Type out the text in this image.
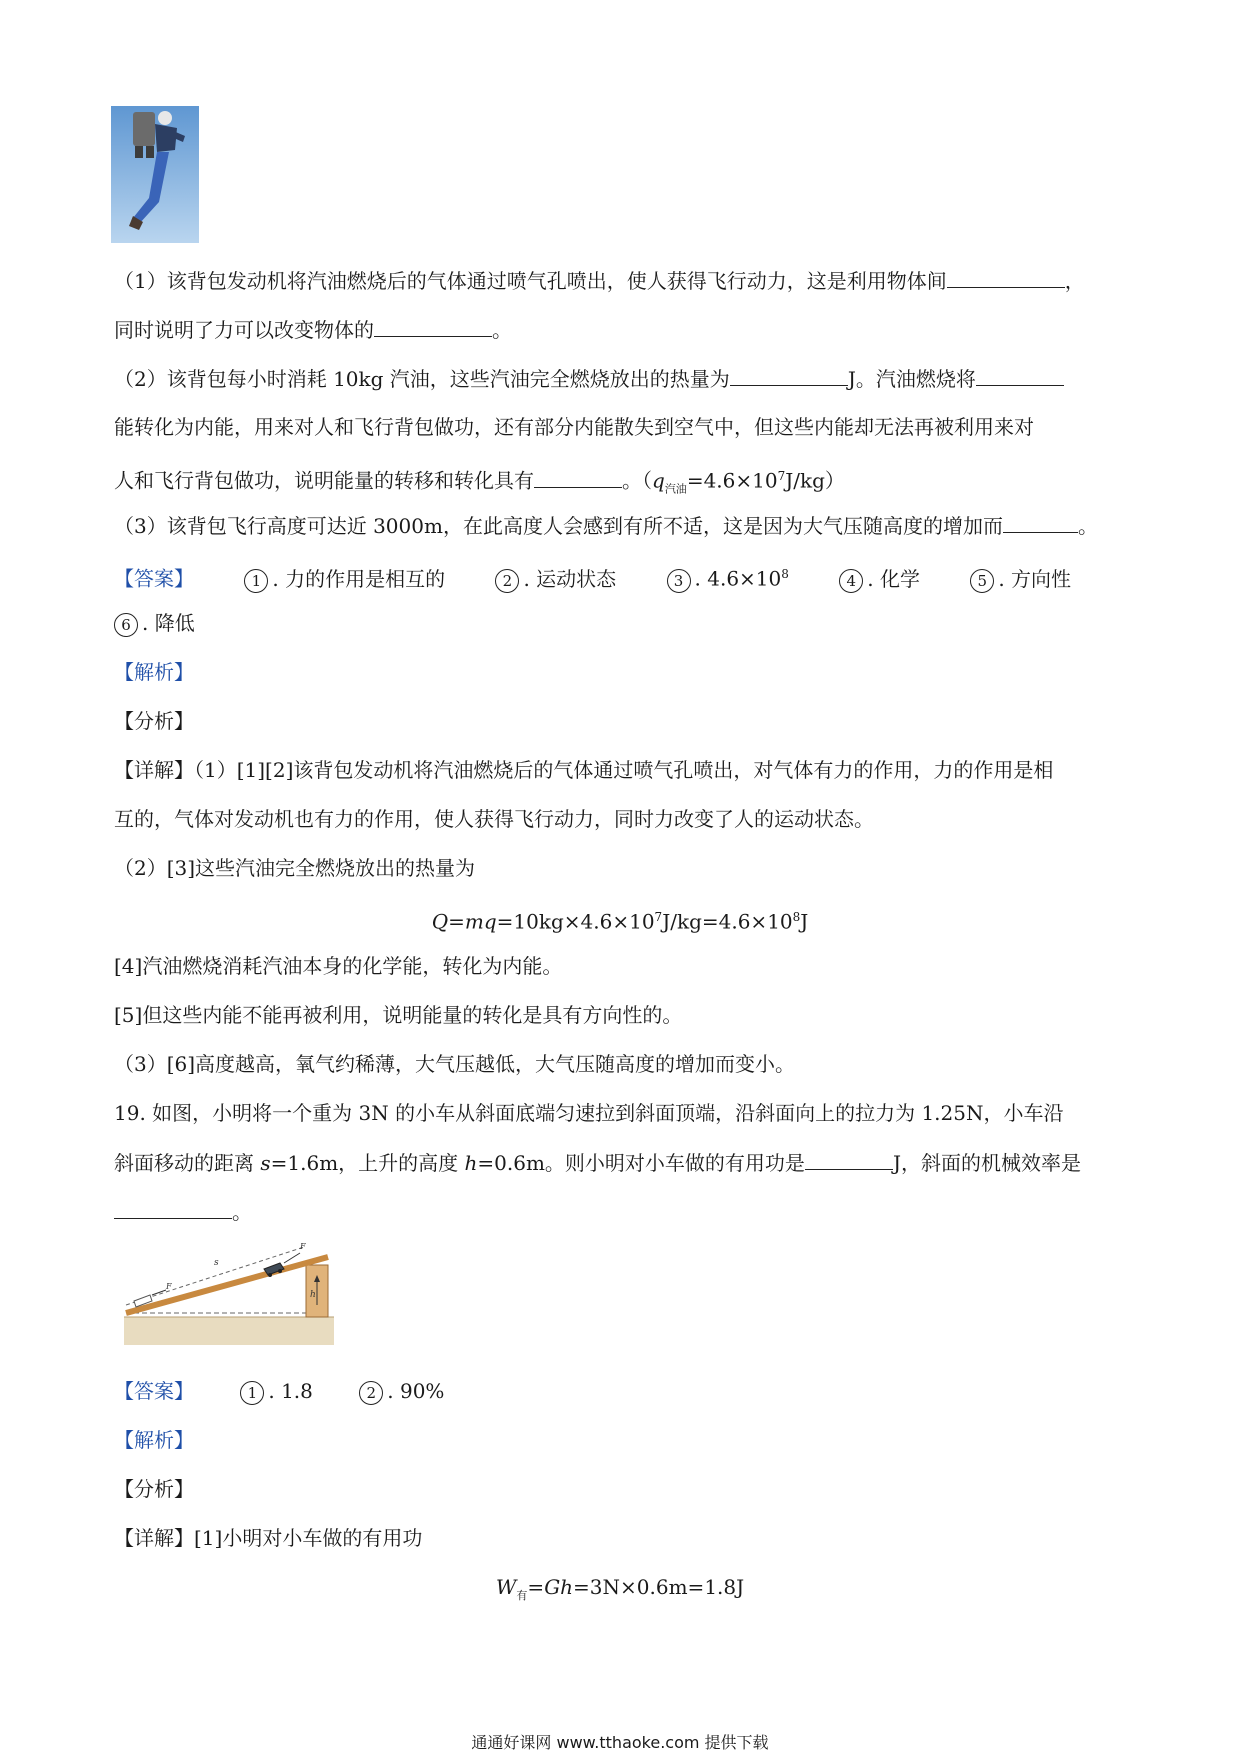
（1）该背包发动机将汽油燃烧后的气体通过喷气孔喷出，使人获得飞行动力，这是利用物体间	，
同时说明了力可以改变物体的	。
（2）该背包每小时消耗 10kg 汽油，这些汽油完全燃烧放出的热量为	J。汽油燃烧将
能转化为内能，用来对人和飞行背包做功，还有部分内能散失到空气中，但这些内能却无法再被利用来对
人和飞行背包做功，说明能量的转移和转化具有	。$(q_{汽油}=4.6\times 10^7J/kg)$
（3）该背包飞行高度可达近 3000m，在此高度人会感到有所不适，这是因为大气压随高度的增加而	。
【答案】	1 . 力的作用是相互的	2 . 运动状态	3 . $4.6\times 10^8$	4 . 化学	5 . 方向性
6 . 降低
【解析】
【分析】
【详解】（1）[1][2]该背包发动机将汽油燃烧后的气体通过喷气孔喷出，对气体有力的作用，力的作用是相
互的，气体对发动机也有力的作用，使人获得飞行动力，同时力改变了人的运动状态。
（2）[3]这些汽油完全燃烧放出的热量为
$Q=mq=10kg\times 4.6\times 10^7J/kg=4.6\times 10^8J$
[4]汽油燃烧消耗汽油本身的化学能，转化为内能。
[5]但这些内能不能再被利用，说明能量的转化是具有方向性的。
（3）[6]高度越高，氧气约稀薄，大气压越低，大气压随高度的增加而变小。
19. 如图，小明将一个重为 3N 的小车从斜面底端匀速拉到斜面顶端，沿斜面向上的拉力为 1.25N，小车沿
斜面移动的距离 s=1.6m，上升的高度 h=0.6m。则小明对小车做的有用功是	J，斜面的机械效率是
。
h
s
F
F
【答案】	1 . 1.8	2 . 90%
【解析】
【分析】
【详解】[1]小明对小车做的有用功
$W_有=Gh=3N\times 0.6m=1.8J$
通通好课网 www.tthaoke.com 提供下载
